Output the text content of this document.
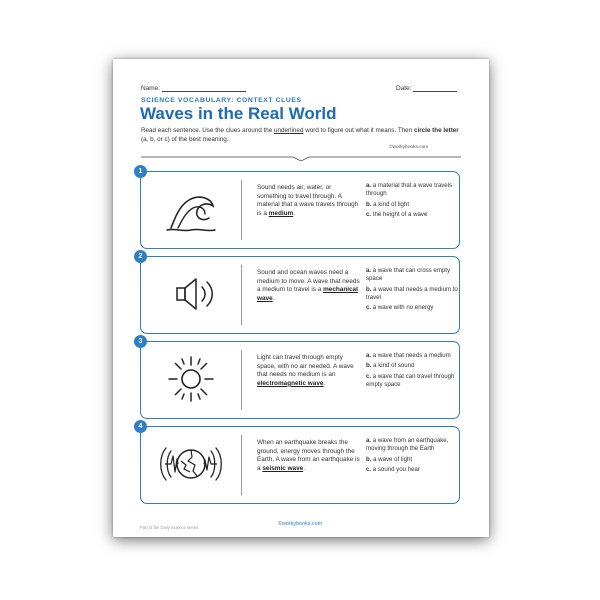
Name:	Date:
SCIENCE VOCABULARY: CONTEXT CLUES
Waves in the Real World
Read each sentence. Use the clues around the underlined word to figure out what it means. Then circle the letter (a, b, or c) of the best meaning.
©workybooks.com
1
Sound needs air, water, or something to travel through. A material that a wave travels through is a medium.
a. a material that a wave travels through
b. a kind of light
c. the height of a wave
2
Sound and ocean waves need a medium to move. A wave that needs a medium to travel is a mechanical wave.
a. a wave that can cross empty space
b. a wave that needs a medium to travel
c. a wave with no energy
3
Light can travel through empty space, with no air needed. A wave that needs no medium is an electromagnetic wave.
a. a wave that needs a medium
b. a kind of sound
c. a wave that can travel through empty space
4
When an earthquake breaks the ground, energy moves through the Earth. A wave from an earthquake is a seismic wave.
a. a wave from an earthquake, moving through the Earth
b. a wave of light
c. a sound you hear
Part of the Daily Science series
©workybooks.com
